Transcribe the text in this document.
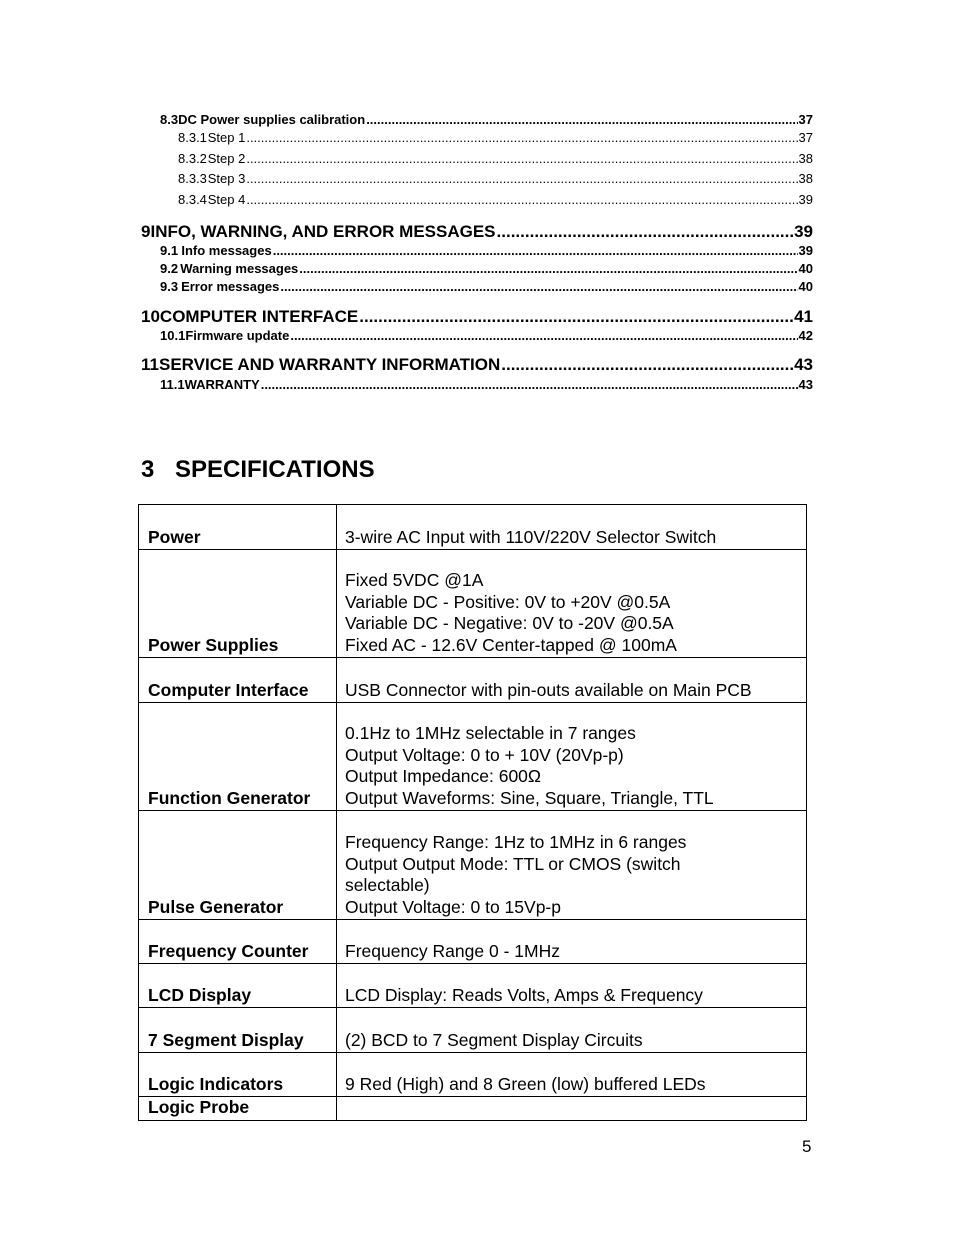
8.3 DC Power supplies calibration .....	37
8.3.1 Step 1 .....	37
8.3.2 Step 2 .....	38
8.3.3 Step 3 .....	38
8.3.4 Step 4 .....	39
9 INFO, WARNING, AND ERROR MESSAGES .....	39
9.1 Info messages .....	39
9.2 Warning messages .....	40
9.3 Error messages .....	40
10 COMPUTER INTERFACE .....	41
10.1 Firmware update .....	42
11 SERVICE AND WARRANTY INFORMATION .....	43
11.1 WARRANTY .....	43
3 SPECIFICATIONS
Power	3-wire AC Input with 110V/220V Selector Switch

Power Supplies	Fixed 5VDC @1A
Variable DC - Positive: 0V to +20V @0.5A
Variable DC - Negative: 0V to -20V @0.5A
Fixed AC - 12.6V Center-tapped @ 100mA

Computer Interface	USB Connector with pin-outs available on Main PCB

Function Generator	0.1Hz to 1MHz selectable in 7 ranges
Output Voltage: 0 to + 10V (20Vp-p)
Output Impedance: 600Ω
Output Waveforms: Sine, Square, Triangle, TTL

Pulse Generator	Frequency Range: 1Hz to 1MHz in 6 ranges
Output Output Mode: TTL or CMOS (switch
selectable)
Output Voltage: 0 to 15Vp-p

Frequency Counter	Frequency Range 0 - 1MHz

LCD Display	LCD Display: Reads Volts, Amps & Frequency

7 Segment Display	(2) BCD to 7 Segment Display Circuits

Logic Indicators	9 Red (High) and 8 Green (low) buffered LEDs

Logic Probe	
5
